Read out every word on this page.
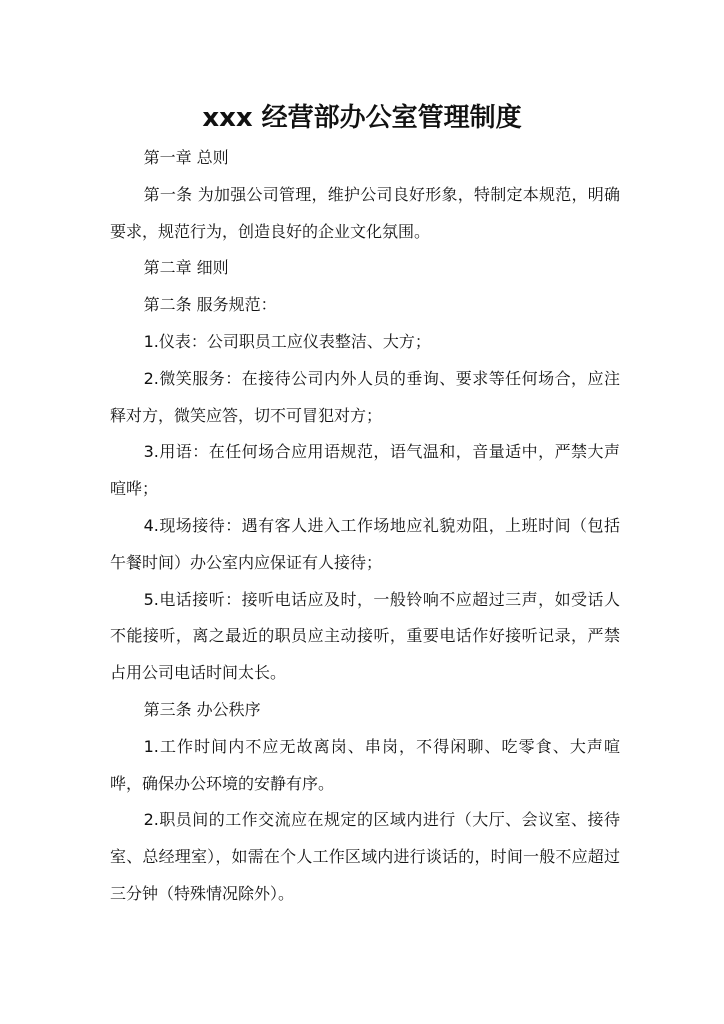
xxx 经营部办公室管理制度

第一章 总则

第一条 为加强公司管理，维护公司良好形象，特制定本规范，明确要求，规范行为，创造良好的企业文化氛围。

第二章 细则

第二条 服务规范：

1.仪表：公司职员工应仪表整洁、大方；

2.微笑服务：在接待公司内外人员的垂询、要求等任何场合，应注释对方，微笑应答，切不可冒犯对方；

3.用语：在任何场合应用语规范，语气温和，音量适中，严禁大声喧哗；

4.现场接待：遇有客人进入工作场地应礼貌劝阻，上班时间（包括午餐时间）办公室内应保证有人接待；

5.电话接听：接听电话应及时，一般铃响不应超过三声，如受话人不能接听，离之最近的职员应主动接听，重要电话作好接听记录，严禁占用公司电话时间太长。

第三条 办公秩序

1.工作时间内不应无故离岗、串岗，不得闲聊、吃零食、大声喧哗，确保办公环境的安静有序。

2.职员间的工作交流应在规定的区域内进行（大厅、会议室、接待室、总经理室），如需在个人工作区域内进行谈话的，时间一般不应超过三分钟（特殊情况除外）。
